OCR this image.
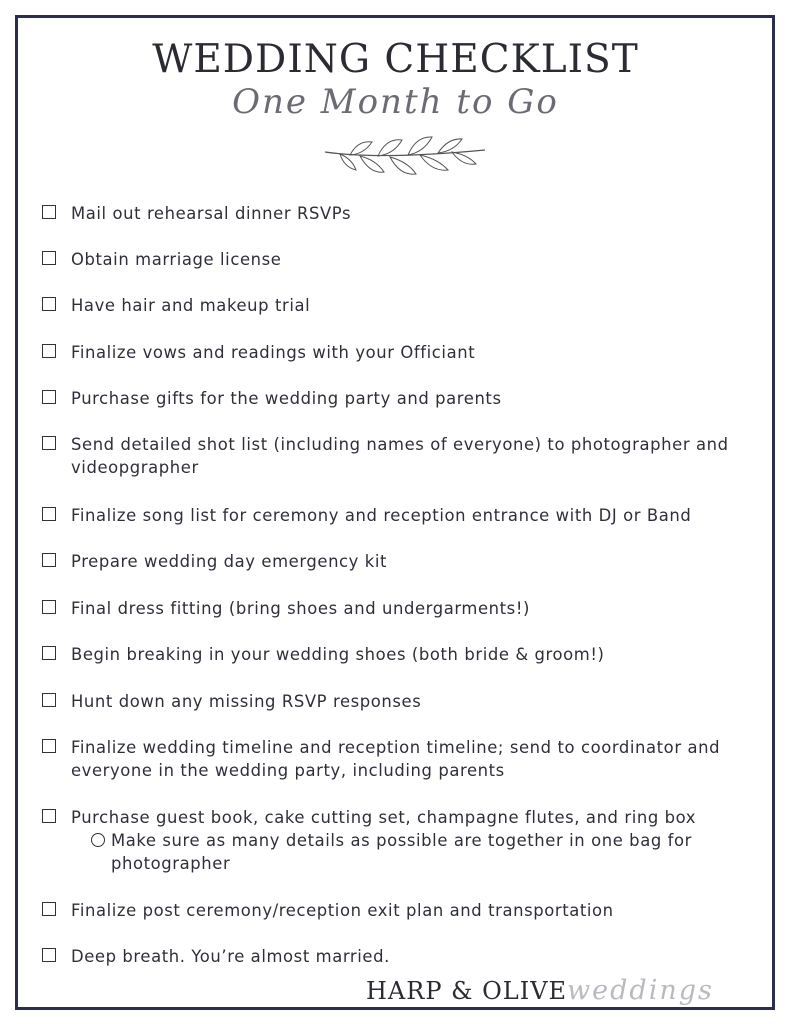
WEDDING CHECKLIST
One Month to Go
Mail out rehearsal dinner RSVPs
Obtain marriage license
Have hair and makeup trial
Finalize vows and readings with your Officiant
Purchase gifts for the wedding party and parents
Send detailed shot list (including names of everyone) to photographer and videopgrapher
Finalize song list for ceremony and reception entrance with DJ or Band
Prepare wedding day emergency kit
Final dress fitting (bring shoes and undergarments!)
Begin breaking in your wedding shoes (both bride & groom!)
Hunt down any missing RSVP responses
Finalize wedding timeline and reception timeline; send to coordinator and everyone in the wedding party, including parents
Purchase guest book, cake cutting set, champagne flutes, and ring box
Make sure as many details as possible are together in one bag for photographer
Finalize post ceremony/reception exit plan and transportation
Deep breath. You’re almost married.
HARP & OLIVEweddings
